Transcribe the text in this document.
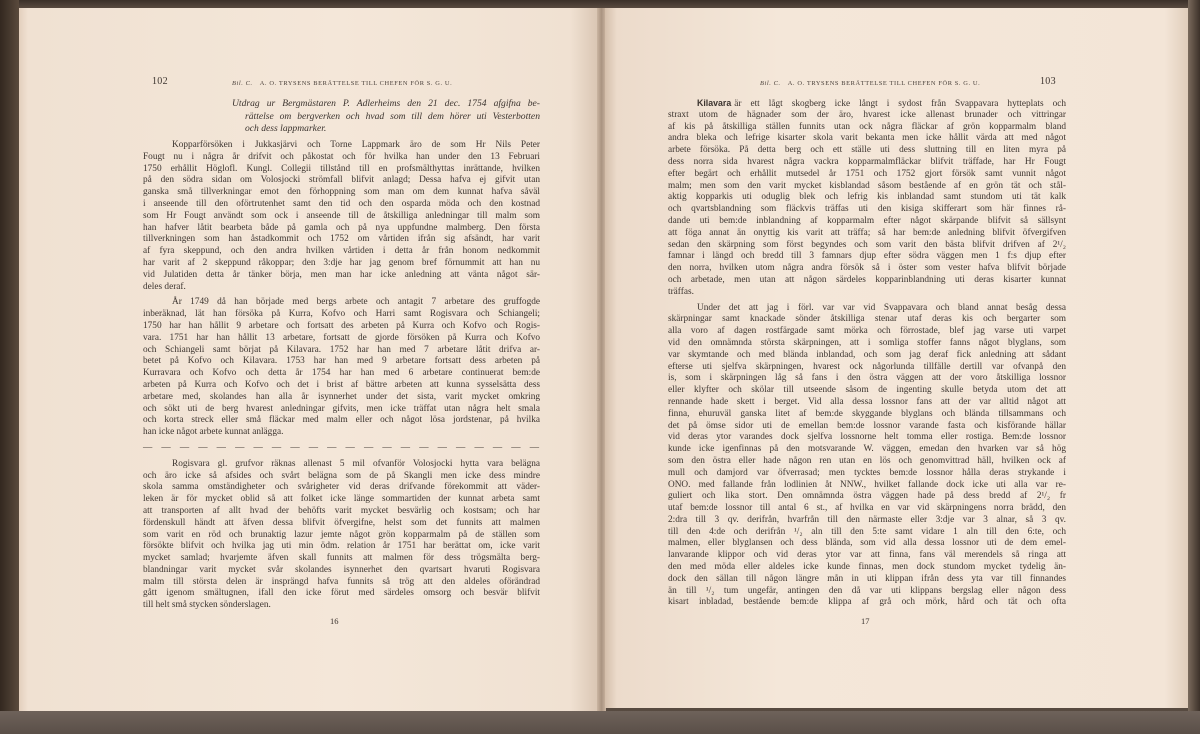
102	Bil. C. A. O. TRYSENS BERÄTTELSE TILL CHEFEN FÖR S. G. U.
Utdrag ur Bergmästaren P. Adlerheims den 21 dec. 1754 afgifna be-
rättelse om bergverken och hvad som till dem hörer uti Vesterbotten
och dess lappmarker.
Kopparförsöken i Jukkasjärvi och Torne Lappmark äro de som Hr Nils Peter
Fougt nu i några år drifvit och påkostat och för hvilka han under den 13 Februari
1750 erhållit Höglofl. Kungl. Collegii tillstånd till en profsmälthyttas inrättande, hvilken
på den södra sidan om Volosjocki strömfall blifvit anlagd; Dessa hafva ej gifvit utan
ganska små tillverkningar emot den förhoppning som man om dem kunnat hafva såväl
i anseende till den oförtrutenhet samt den tid och den osparda möda och den kostnad
som Hr Fougt användt som ock i anseende till de åtskilliga anledningar till malm som
han hafver låtit bearbeta både på gamla och på nya uppfundne malmberg. Den första
tillverkningen som han åstadkommit och 1752 om vårtiden ifrån sig afsändt, har varit
af fyra skeppund, och den andra hvilken vårtiden i detta år från honom nedkommit
har varit af 2 skeppund råkoppar; den 3:dje har jag genom bref förnummit att han nu
vid Julatiden detta år tänker börja, men man har icke anledning att vänta något sär-
deles deraf.
År 1749 då han började med bergs arbete och antagit 7 arbetare des gruffogde
inberäknad, lät han försöka på Kurra, Kofvo och Harri samt Rogisvara och Schiangeli;
1750 har han hållit 9 arbetare och fortsatt des arbeten på Kurra och Kofvo och Rogis-
vara. 1751 har han hållit 13 arbetare, fortsatt de gjorde försöken på Kurra och Kofvo
och Schiangeli samt börjat på Kilavara. 1752 har han med 7 arbetare låtit drifva ar-
betet på Kofvo och Kilavara. 1753 har han med 9 arbetare fortsatt dess arbeten på
Kurravara och Kofvo och detta år 1754 har han med 6 arbetare continuerat bem:de
arbeten på Kurra och Kofvo och det i brist af bättre arbeten att kunna sysselsätta dess
arbetare med, skolandes han alla år isynnerhet under det sista, varit mycket omkring
och sökt uti de berg hvarest anledningar gifvits, men icke träffat utan några helt smala
och korta streck eller små fläckar med malm eller och något lösa jordstenar, på hvilka
han icke något arbete kunnat anlägga.
— — — — — — — — — — — — — — — — — — — — — —
Rogisvara gl. grufvor räknas allenast 5 mil ofvanför Volosjocki hytta vara belägna
och äro icke så afsides och svårt belägna som de på Skangli men icke dess mindre
skola samma omständigheter och svårigheter vid deras drifvande förekommit att väder-
leken är för mycket oblid så att folket icke länge sommartiden der kunnat arbeta samt
att transporten af allt hvad der behöfts varit mycket besvärlig och kostsam; och har
fördenskull händt att äfven dessa blifvit öfvergifne, helst som det funnits att malmen
som varit en röd och brunaktig lazur jemte något grön kopparmalm på de ställen som
försökte blifvit och hvilka jag uti min ödm. relation år 1751 har berättat om, icke varit
mycket samlad; hvarjemte äfven skall funnits att malmen för dess trögsmälta berg-
blandningar varit mycket svår skolandes isynnerhet den qvartsart hvaruti Rogisvara
malm till största delen är insprängd hafva funnits så trög att den aldeles oförändrad
gått igenom smältugnen, ifall den icke förut med särdeles omsorg och besvär blifvit
till helt små stycken sönderslagen.
16
Bil. C. A. O. TRYSENS BERÄTTELSE TILL CHEFEN FÖR S. G. U.	103
Kilavara är ett lågt skogberg icke långt i sydost från Svappavara hytteplats och
straxt utom de hägnader som der äro, hvarest icke allenast brunader och vittringar
af kis på åtskilliga ställen funnits utan ock några fläckar af grön kopparmalm bland
andra bleka och lefrige kisarter skola varit bekanta men icke hållit värda att med något
arbete försöka. På detta berg och ett ställe uti dess sluttning till en liten myra på
dess norra sida hvarest några vackra kopparmalmfläckar blifvit träffade, har Hr Fougt
efter begärt och erhållit mutsedel år 1751 och 1752 gjort försök samt vunnit något
malm; men som den varit mycket kisblandad såsom bestående af en grön tät och stål-
aktig kopparkis uti oduglig blek och lefrig kis inblandad samt stundom uti tät kalk
och qvartsblandning som fläckvis träffas uti den kisiga skifferart som här finnes rå-
dande uti bem:de inblandning af kopparmalm efter något skärpande blifvit så sällsynt
att föga annat än onyttig kis varit att träffa; så har bem:de anledning blifvit öfvergifven
sedan den skärpning som först begyndes och som varit den bästa blifvit drifven af 2¹/₂
famnar i längd och bredd till 3 famnars djup efter södra väggen men 1 f:s djup efter
den norra, hvilken utom några andra försök så i öster som vester hafva blifvit började
och arbetade, men utan att någon särdeles kopparinblandning uti deras kisarter kunnat
träffas.
Under det att jag i förl. var var vid Svappavara och bland annat besåg dessa
skärpningar samt knackade sönder åtskilliga stenar utaf deras kis och bergarter som
alla voro af dagen rostfärgade samt mörka och förrostade, blef jag varse uti varpet
vid den omnämnda största skärpningen, att i somliga stoffer fanns något blyglans, som
var skymtande och med blända inblandad, och som jag deraf fick anledning att sådant
efterse uti sjelfva skärpningen, hvarest ock någorlunda tillfälle dertill var ofvanpå den
is, som i skärpningen låg så fans i den östra väggen att der voro åtskilliga lossnor
eller klyfter och skölar till utseende såsom de ingenting skulle betyda utom det att
rennande hade skett i berget. Vid alla dessa lossnor fans att der var alltid något att
finna, ehuruväl ganska litet af bem:de skyggande blyglans och blända tillsammans och
det på ömse sidor uti de emellan bem:de lossnor varande fasta och kisförande hällar
vid deras ytor varandes dock sjelfva lossnorne helt tomma eller rostiga. Bem:de lossnor
kunde icke igenfinnas på den motsvarande W. väggen, emedan den hvarken var så hög
som den östra eller hade någon ren utan en lös och genomvittrad häll, hvilken ock af
mull och damjord var öfverrasad; men tycktes bem:de lossnor hålla deras strykande i
ONO. med fallande från lodlinien åt NNW., hvilket fallande dock icke uti alla var re-
guliert och lika stort. Den omnämnda östra väggen hade på dess bredd af 2¹/₂ fr
utaf bem:de lossnor till antal 6 st., af hvilka en var vid skärpningens norra brädd, den
2:dra till 3 qv. derifrån, hvarfrån till den närmaste eller 3:dje var 3 alnar, så 3 qv.
till den 4:de och derifrån ¹/₂ aln till den 5:te samt vidare 1 aln till den 6:te, och
malmen, eller blyglansen och dess blända, som vid alla dessa lossnor uti de dem emel-
lanvarande klippor och vid deras ytor var att finna, fans väl merendels så ringa att
den med möda eller aldeles icke kunde finnas, men dock stundom mycket tydelig än-
dock den sällan till någon längre mån in uti klippan ifrån dess yta var till finnandes
än till ¹/₂ tum ungefär, antingen den då var uti klippans bergslag eller någon dess
kisart inbladad, bestående bem:de klippa af grå och mörk, hård och tät och ofta
17
